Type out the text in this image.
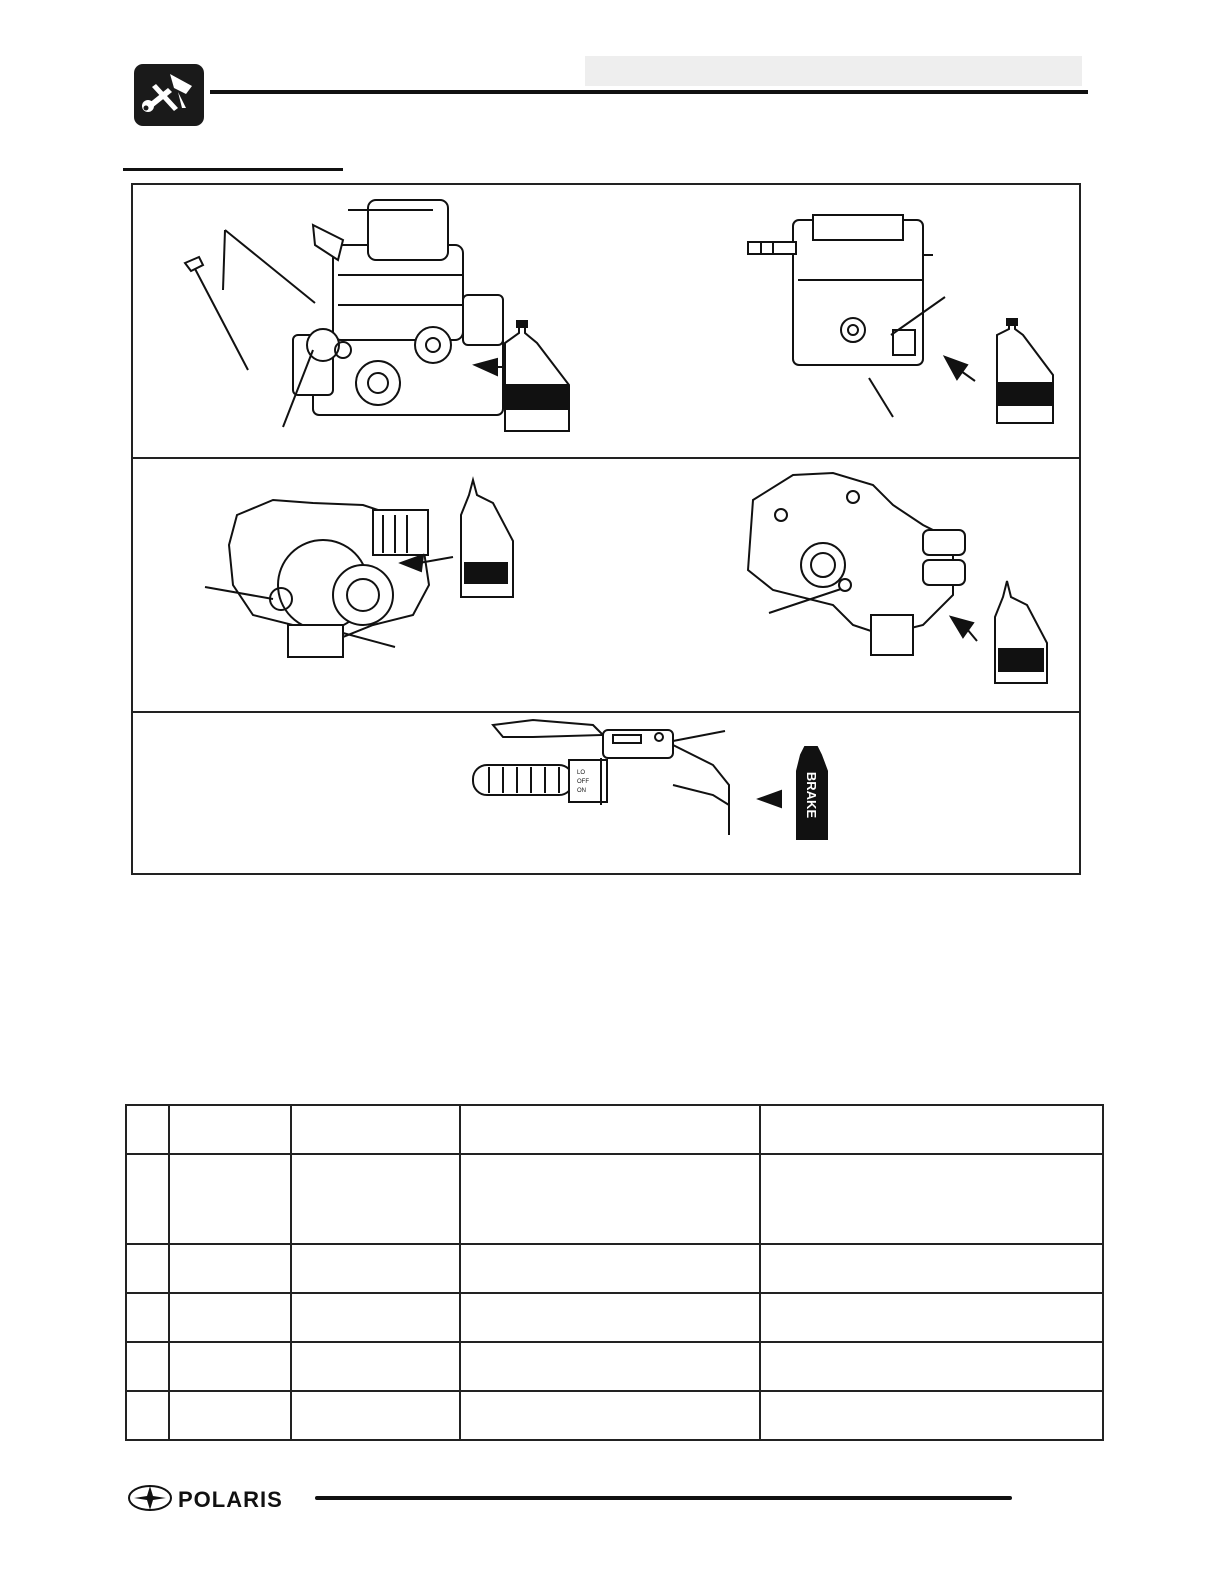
LO
OFF
ON	BRAKE

POLARIS
